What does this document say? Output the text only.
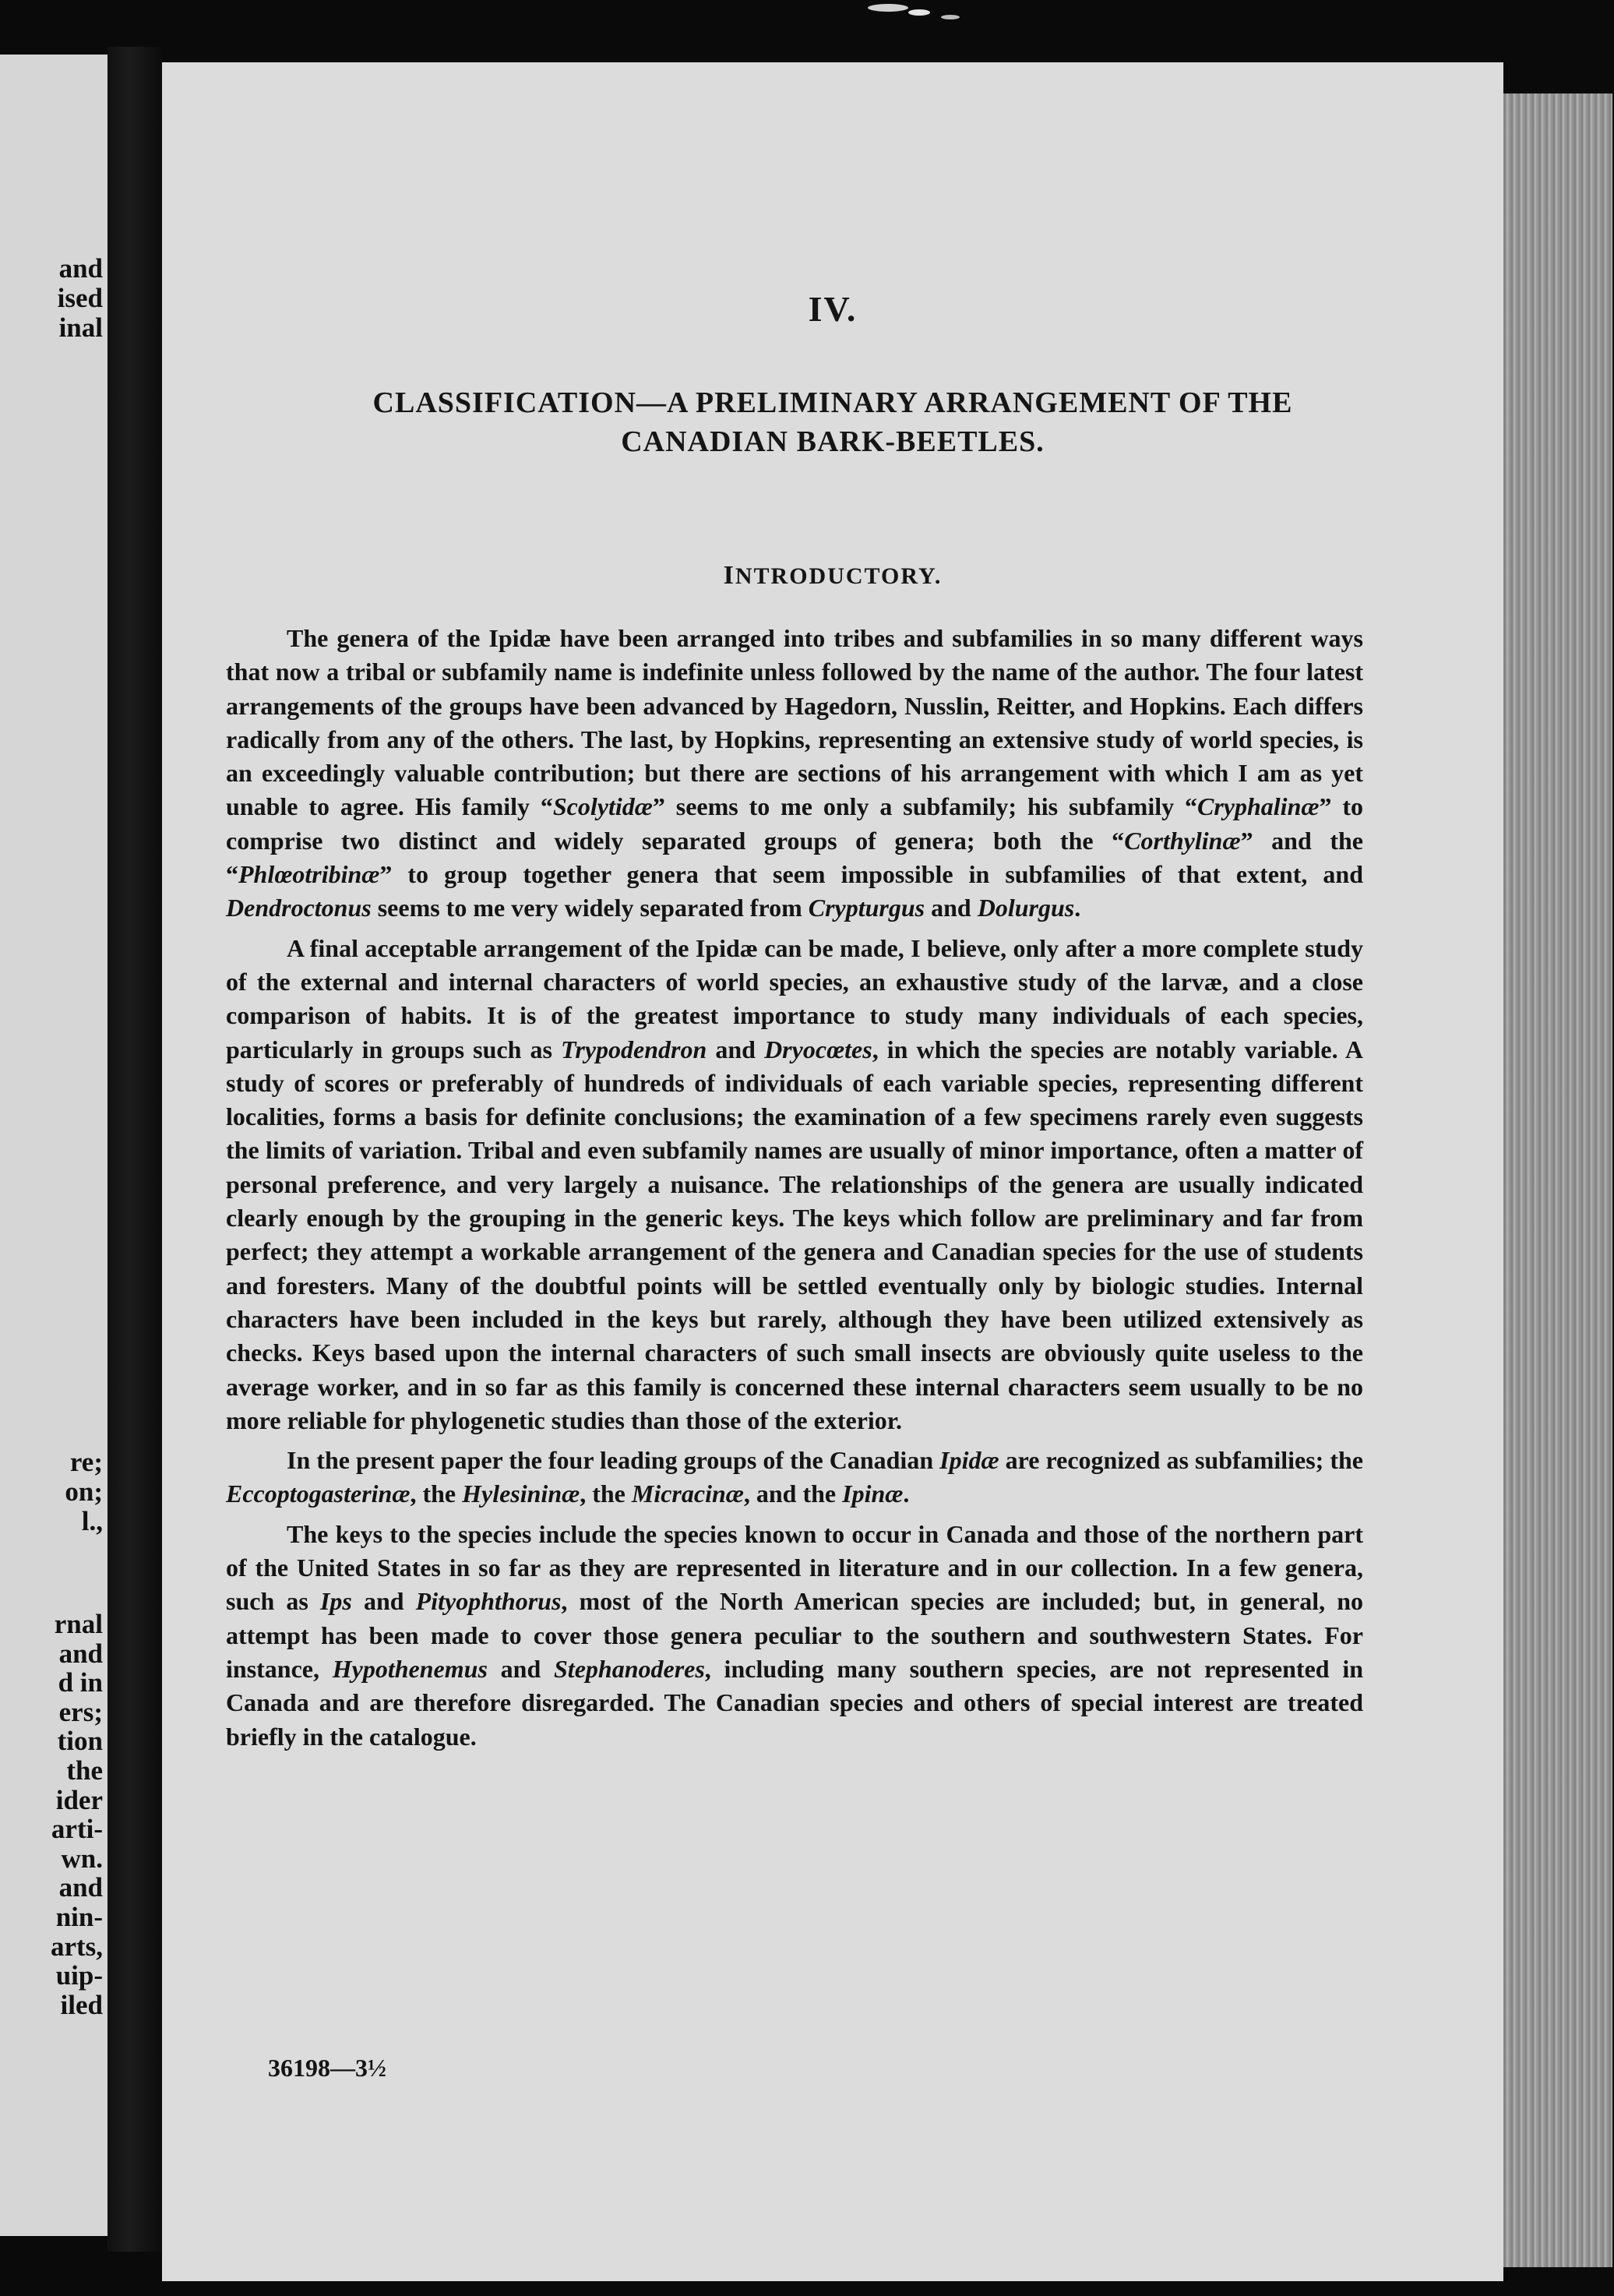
and
ised
inal
re;
on;
l.,
rnal
and
d in
ers;
tion
the
ider
arti-
wn.
and
nin-
arts,
uip-
iled
IV.
CLASSIFICATION—A PRELIMINARY ARRANGEMENT OF THE
CANADIAN BARK-BEETLES.
INTRODUCTORY.

The genera of the Ipidæ have been arranged into tribes and subfamilies in so many different ways that now a tribal or subfamily name is indefinite unless followed by the name of the author. The four latest arrangements of the groups have been advanced by Hagedorn, Nusslin, Reitter, and Hopkins. Each differs radically from any of the others. The last, by Hopkins, representing an extensive study of world species, is an exceedingly valuable contribution; but there are sections of his arrangement with which I am as yet unable to agree. His family “Scolytidæ” seems to me only a subfamily; his subfamily “Cryphalinæ” to comprise two distinct and widely separated groups of genera; both the “Corthylinæ” and the “Phlœotribinæ” to group together genera that seem impossible in subfamilies of that extent, and Dendroctonus seems to me very widely separated from Crypturgus and Dolurgus.

A final acceptable arrangement of the Ipidæ can be made, I believe, only after a more complete study of the external and internal characters of world species, an exhaustive study of the larvæ, and a close comparison of habits. It is of the greatest importance to study many individuals of each species, particularly in groups such as Trypodendron and Dryocœtes, in which the species are notably variable. A study of scores or preferably of hundreds of individuals of each variable species, representing different localities, forms a basis for definite conclusions; the examination of a few specimens rarely even suggests the limits of variation. Tribal and even subfamily names are usually of minor importance, often a matter of personal preference, and very largely a nuisance. The relationships of the genera are usually indicated clearly enough by the grouping in the generic keys. The keys which follow are preliminary and far from perfect; they attempt a workable arrangement of the genera and Canadian species for the use of students and foresters. Many of the doubtful points will be settled eventually only by biologic studies. Internal characters have been included in the keys but rarely, although they have been utilized extensively as checks. Keys based upon the internal characters of such small insects are obviously quite useless to the average worker, and in so far as this family is concerned these internal characters seem usually to be no more reliable for phylogenetic studies than those of the exterior.

In the present paper the four leading groups of the Canadian Ipidæ are recognized as subfamilies; the Eccoptogasterinæ, the Hylesininæ, the Micracinæ, and the Ipinæ.

The keys to the species include the species known to occur in Canada and those of the northern part of the United States in so far as they are represented in literature and in our collection. In a few genera, such as Ips and Pityophthorus, most of the North American species are included; but, in general, no attempt has been made to cover those genera peculiar to the southern and southwestern States. For instance, Hypothenemus and Stephanoderes, including many southern species, are not represented in Canada and are therefore disregarded. The Canadian species and others of special interest are treated briefly in the catalogue.

36198—3½
